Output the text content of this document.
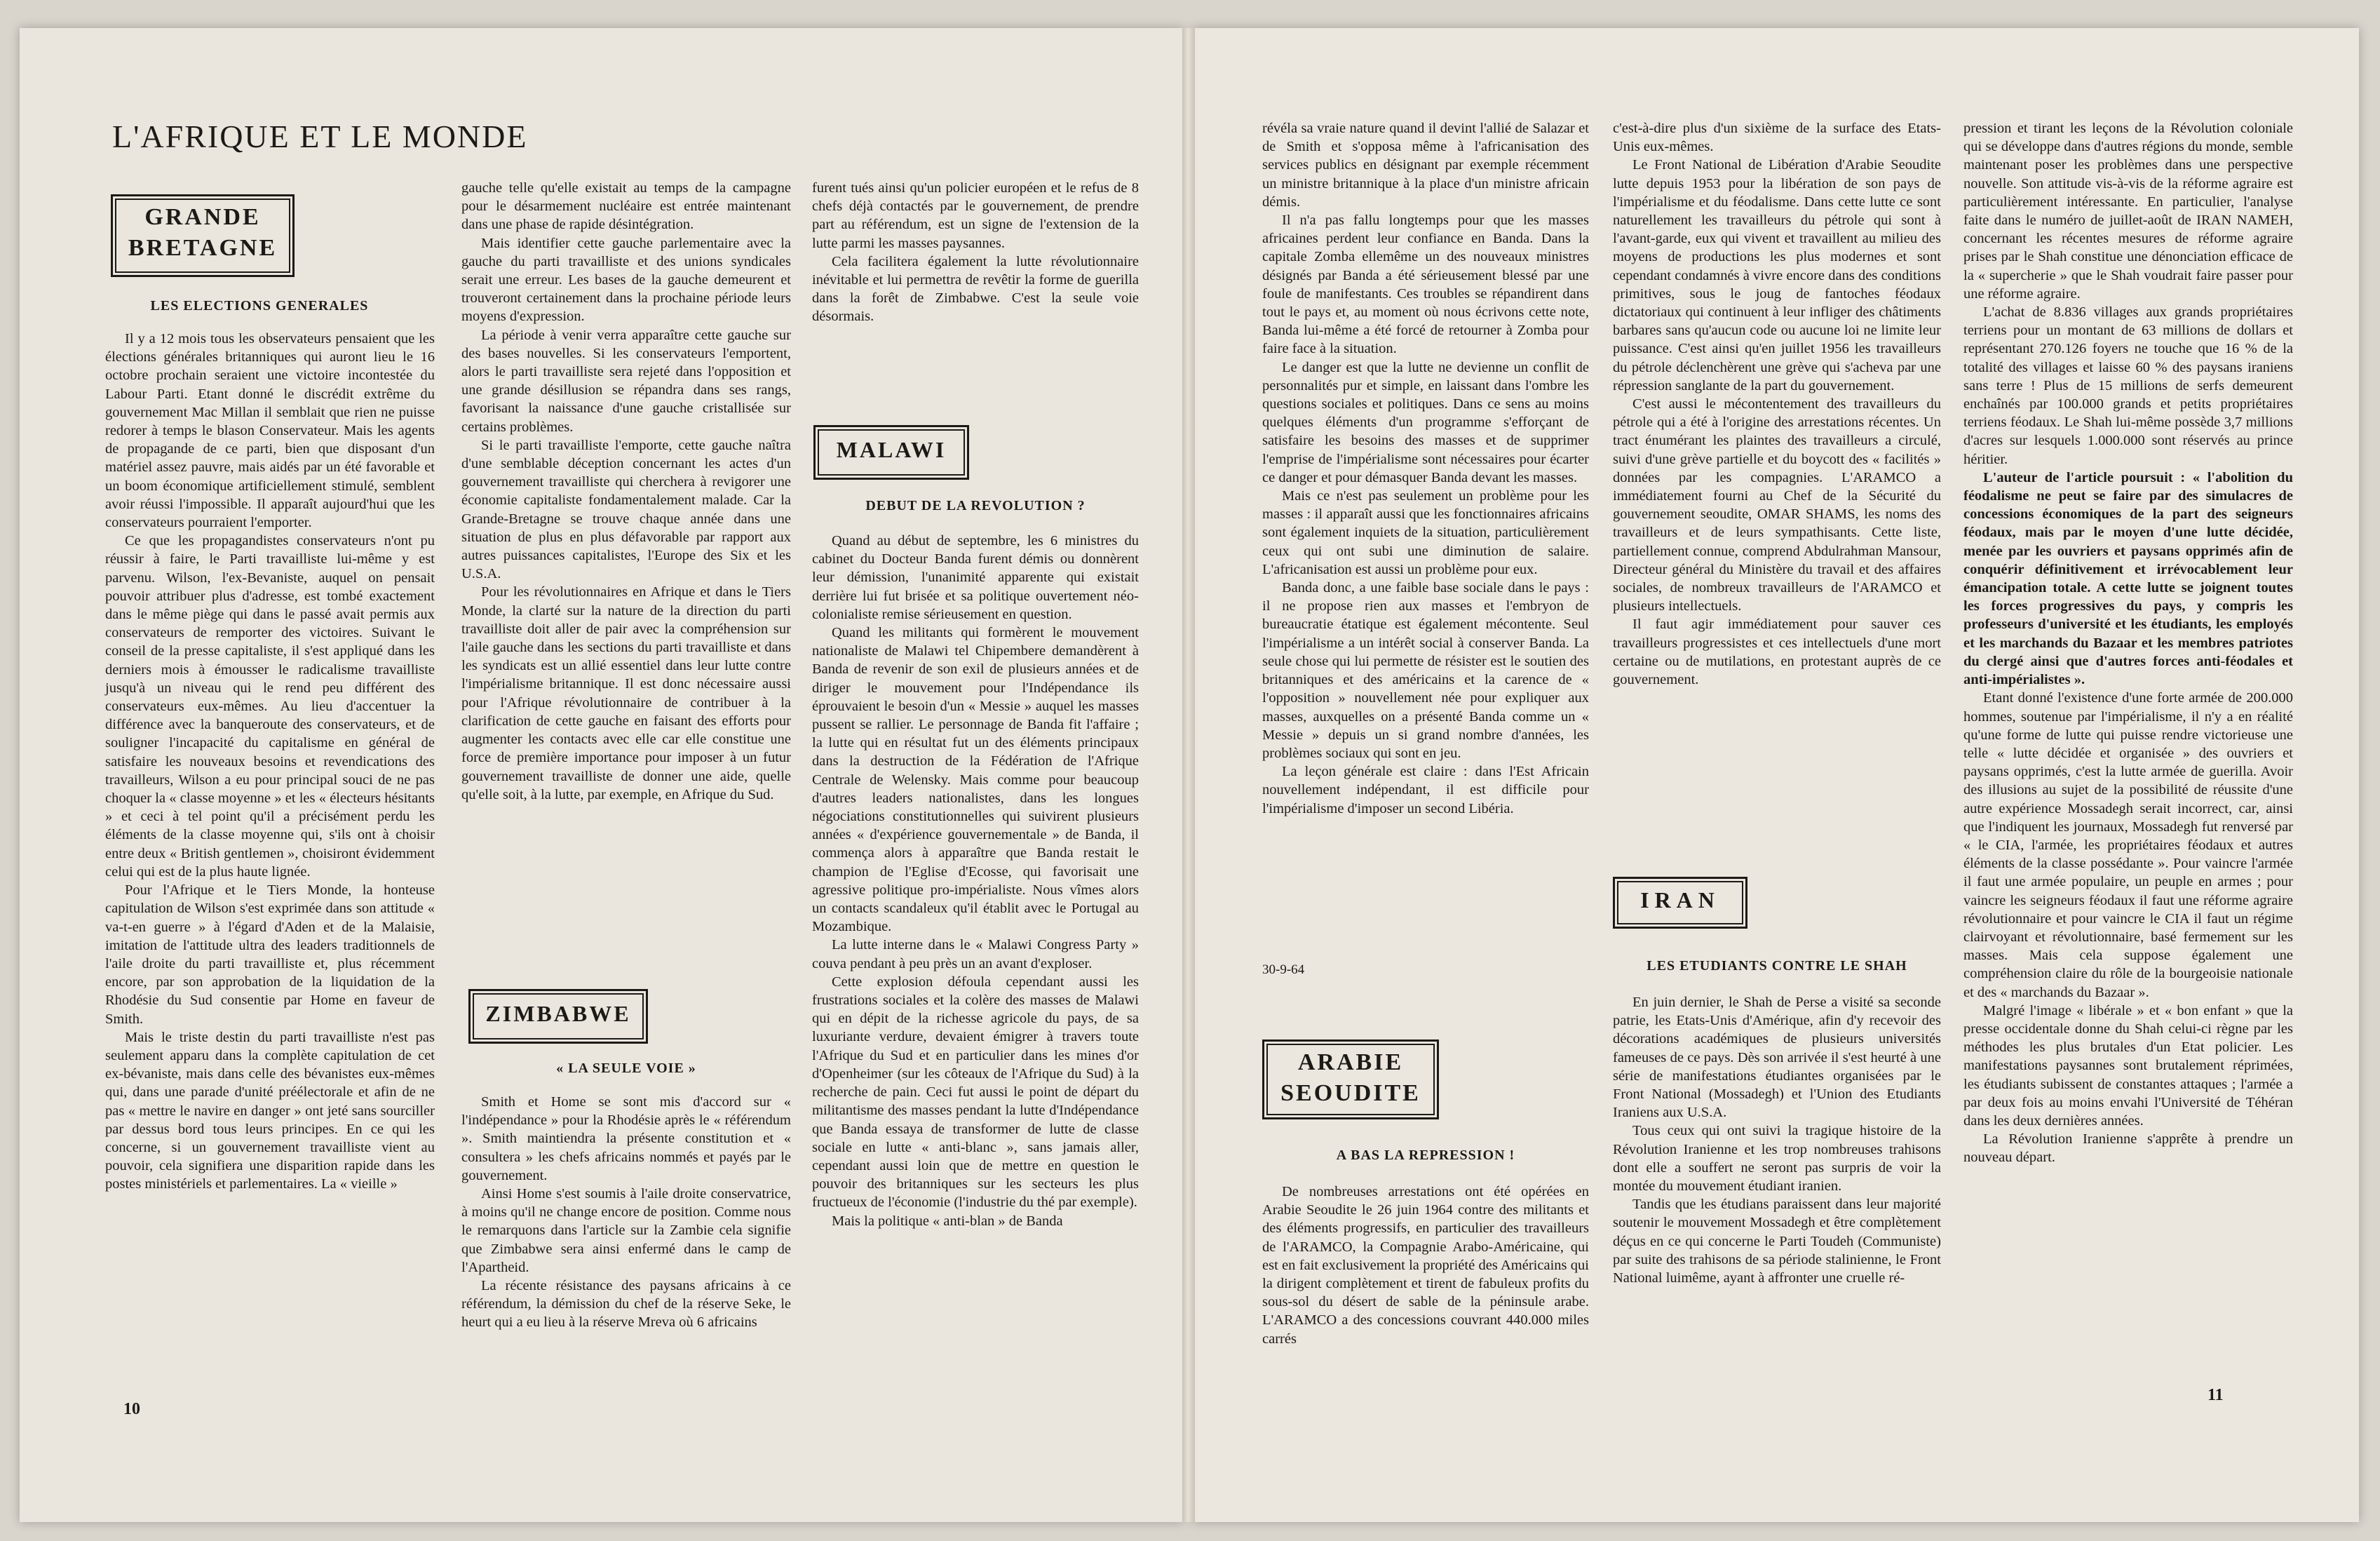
L'AFRIQUE ET LE MONDE
GRANDE BRETAGNE
LES ELECTIONS GENERALES

Il y a 12 mois tous les observateurs pensaient que les élections générales britanniques qui auront lieu le 16 octobre prochain seraient une victoire incontestée du Labour Parti. Etant donné le discrédit extrême du gouvernement Mac Millan il semblait que rien ne puisse redorer à temps le blason Conservateur. Mais les agents de propagande de ce parti, bien que disposant d'un matériel assez pauvre, mais aidés par un été favorable et un boom économique artificiellement stimulé, semblent avoir réussi l'impossible. Il apparaît aujourd'hui que les conservateurs pourraient l'emporter.

Ce que les propagandistes conservateurs n'ont pu réussir à faire, le Parti travailliste lui-même y est parvenu. Wilson, l'ex-Bevaniste, auquel on pensait pouvoir attribuer plus d'adresse, est tombé exactement dans le même piège qui dans le passé avait permis aux conservateurs de remporter des victoires. Suivant le conseil de la presse capitaliste, il s'est appliqué dans les derniers mois à émousser le radicalisme travailliste jusqu'à un niveau qui le rend peu différent des conservateurs eux-mêmes. Au lieu d'accentuer la différence avec la banqueroute des conservateurs, et de souligner l'incapacité du capitalisme en général de satisfaire les nouveaux besoins et revendications des travailleurs, Wilson a eu pour principal souci de ne pas choquer la « classe moyenne » et les « électeurs hésitants » et ceci à tel point qu'il a précisément perdu les éléments de la classe moyenne qui, s'ils ont à choisir entre deux « British gentlemen », choisiront évidemment celui qui est de la plus haute lignée.

Pour l'Afrique et le Tiers Monde, la honteuse capitulation de Wilson s'est exprimée dans son attitude « va-t-en guerre » à l'égard d'Aden et de la Malaisie, imitation de l'attitude ultra des leaders traditionnels de l'aile droite du parti travailliste et, plus récemment encore, par son approbation de la liquidation de la Rhodésie du Sud consentie par Home en faveur de Smith.

Mais le triste destin du parti travailliste n'est pas seulement apparu dans la complète capitulation de cet ex-bévaniste, mais dans celle des bévanistes eux-mêmes qui, dans une parade d'unité préélectorale et afin de ne pas « mettre le navire en danger » ont jeté sans sourciller par dessus bord tous leurs principes. En ce qui les concerne, si un gouvernement travailliste vient au pouvoir, cela signifiera une disparition rapide dans les postes ministériels et parlementaires. La « vieille »

gauche telle qu'elle existait au temps de la campagne pour le désarmement nucléaire est entrée maintenant dans une phase de rapide désintégration.

Mais identifier cette gauche parlementaire avec la gauche du parti travailliste et des unions syndicales serait une erreur. Les bases de la gauche demeurent et trouveront certainement dans la prochaine période leurs moyens d'expression.

La période à venir verra apparaître cette gauche sur des bases nouvelles. Si les conservateurs l'emportent, alors le parti travailliste sera rejeté dans l'opposition et une grande désillusion se répandra dans ses rangs, favorisant la naissance d'une gauche cristallisée sur certains problèmes.

Si le parti travailliste l'emporte, cette gauche naîtra d'une semblable déception concernant les actes d'un gouvernement travailliste qui cherchera à revigorer une économie capitaliste fondamentalement malade. Car la Grande-Bretagne se trouve chaque année dans une situation de plus en plus défavorable par rapport aux autres puissances capitalistes, l'Europe des Six et les U.S.A.

Pour les révolutionnaires en Afrique et dans le Tiers Monde, la clarté sur la nature de la direction du parti travailliste doit aller de pair avec la compréhension sur l'aile gauche dans les sections du parti travailliste et dans les syndicats est un allié essentiel dans leur lutte contre l'impérialisme britannique. Il est donc nécessaire aussi pour l'Afrique révolutionnaire de contribuer à la clarification de cette gauche en faisant des efforts pour augmenter les contacts avec elle car elle constitue une force de première importance pour imposer à un futur gouvernement travailliste de donner une aide, quelle qu'elle soit, à la lutte, par exemple, en Afrique du Sud.

ZIMBABWE
« LA SEULE VOIE »

Smith et Home se sont mis d'accord sur « l'indépendance » pour la Rhodésie après le « référendum ». Smith maintiendra la présente constitution et « consultera » les chefs africains nommés et payés par le gouvernement.

Ainsi Home s'est soumis à l'aile droite conservatrice, à moins qu'il ne change encore de position. Comme nous le remarquons dans l'article sur la Zambie cela signifie que Zimbabwe sera ainsi enfermé dans le camp de l'Apartheid.

La récente résistance des paysans africains à ce référendum, la démission du chef de la réserve Seke, le heurt qui a eu lieu à la réserve Mreva où 6 africains

furent tués ainsi qu'un policier européen et le refus de 8 chefs déjà contactés par le gouvernement, de prendre part au référendum, est un signe de l'extension de la lutte parmi les masses paysannes.

Cela facilitera également la lutte révolutionnaire inévitable et lui permettra de revêtir la forme de guerilla dans la forêt de Zimbabwe. C'est la seule voie désormais.

MALAWI
DEBUT DE LA REVOLUTION ?

Quand au début de septembre, les 6 ministres du cabinet du Docteur Banda furent démis ou donnèrent leur démission, l'unanimité apparente qui existait derrière lui fut brisée et sa politique ouvertement néo-colonialiste remise sérieusement en question.

Quand les militants qui formèrent le mouvement nationaliste de Malawi tel Chipembere demandèrent à Banda de revenir de son exil de plusieurs années et de diriger le mouvement pour l'Indépendance ils éprouvaient le besoin d'un « Messie » auquel les masses pussent se rallier. Le personnage de Banda fit l'affaire ; la lutte qui en résultat fut un des éléments principaux dans la destruction de la Fédération de l'Afrique Centrale de Welensky. Mais comme pour beaucoup d'autres leaders nationalistes, dans les longues négociations constitutionnelles qui suivirent plusieurs années « d'expérience gouvernementale » de Banda, il commença alors à apparaître que Banda restait le champion de l'Eglise d'Ecosse, qui favorisait une agressive politique pro-impérialiste. Nous vîmes alors un contacts scandaleux qu'il établit avec le Portugal au Mozambique.

La lutte interne dans le « Malawi Congress Party » couva pendant à peu près un an avant d'exploser.

Cette explosion défoula cependant aussi les frustrations sociales et la colère des masses de Malawi qui en dépit de la richesse agricole du pays, de sa luxuriante verdure, devaient émigrer à travers toute l'Afrique du Sud et en particulier dans les mines d'or d'Openheimer (sur les côteaux de l'Afrique du Sud) à la recherche de pain. Ceci fut aussi le point de départ du militantisme des masses pendant la lutte d'Indépendance que Banda essaya de transformer de lutte de classe sociale en lutte « anti-blanc », sans jamais aller, cependant aussi loin que de mettre en question le pouvoir des britanniques sur les secteurs les plus fructueux de l'économie (l'industrie du thé par exemple).

Mais la politique « anti-blan » de Banda

10

révéla sa vraie nature quand il devint l'allié de Salazar et de Smith et s'opposa même à l'africanisation des services publics en désignant par exemple récemment un ministre britannique à la place d'un ministre africain démis.

Il n'a pas fallu longtemps pour que les masses africaines perdent leur confiance en Banda. Dans la capitale Zomba ellemême un des nouveaux ministres désignés par Banda a été sérieusement blessé par une foule de manifestants. Ces troubles se répandirent dans tout le pays et, au moment où nous écrivons cette note, Banda lui-même a été forcé de retourner à Zomba pour faire face à la situation.

Le danger est que la lutte ne devienne un conflit de personnalités pur et simple, en laissant dans l'ombre les questions sociales et politiques. Dans ce sens au moins quelques éléments d'un programme s'efforçant de satisfaire les besoins des masses et de supprimer l'emprise de l'impérialisme sont nécessaires pour écarter ce danger et pour démasquer Banda devant les masses.

Mais ce n'est pas seulement un problème pour les masses : il apparaît aussi que les fonctionnaires africains sont également inquiets de la situation, particulièrement ceux qui ont subi une diminution de salaire. L'africanisation est aussi un problème pour eux.

Banda donc, a une faible base sociale dans le pays : il ne propose rien aux masses et l'embryon de bureaucratie étatique est également mécontente. Seul l'impérialisme a un intérêt social à conserver Banda. La seule chose qui lui permette de résister est le soutien des britanniques et des américains et la carence de « l'opposition » nouvellement née pour expliquer aux masses, auxquelles on a présenté Banda comme un « Messie » depuis un si grand nombre d'années, les problèmes sociaux qui sont en jeu.

La leçon générale est claire : dans l'Est Africain nouvellement indépendant, il est difficile pour l'impérialisme d'imposer un second Libéria.

30-9-64
ARABIE SEOUDITE
A BAS LA REPRESSION !

De nombreuses arrestations ont été opérées en Arabie Seoudite le 26 juin 1964 contre des militants et des éléments progressifs, en particulier des travailleurs de l'ARAMCO, la Compagnie Arabo-Américaine, qui est en fait exclusivement la propriété des Américains qui la dirigent complètement et tirent de fabuleux profits du sous-sol du désert de sable de la péninsule arabe. L'ARAMCO a des concessions couvrant 440.000 miles carrés

c'est-à-dire plus d'un sixième de la surface des Etats-Unis eux-mêmes.

Le Front National de Libération d'Arabie Seoudite lutte depuis 1953 pour la libération de son pays de l'impérialisme et du féodalisme. Dans cette lutte ce sont naturellement les travailleurs du pétrole qui sont à l'avant-garde, eux qui vivent et travaillent au milieu des moyens de productions les plus modernes et sont cependant condamnés à vivre encore dans des conditions primitives, sous le joug de fantoches féodaux dictatoriaux qui continuent à leur infliger des châtiments barbares sans qu'aucun code ou aucune loi ne limite leur puissance. C'est ainsi qu'en juillet 1956 les travailleurs du pétrole déclenchèrent une grève qui s'acheva par une répression sanglante de la part du gouvernement.

C'est aussi le mécontentement des travailleurs du pétrole qui a été à l'origine des arrestations récentes. Un tract énumérant les plaintes des travailleurs a circulé, suivi d'une grève partielle et du boycott des « facilités » données par les compagnies. L'ARAMCO a immédiatement fourni au Chef de la Sécurité du gouvernement seoudite, OMAR SHAMS, les noms des travailleurs et de leurs sympathisants. Cette liste, partiellement connue, comprend Abdulrahman Mansour, Directeur général du Ministère du travail et des affaires sociales, de nombreux travailleurs de l'ARAMCO et plusieurs intellectuels.

Il faut agir immédiatement pour sauver ces travailleurs progressistes et ces intellectuels d'une mort certaine ou de mutilations, en protestant auprès de ce gouvernement.

IRAN
LES ETUDIANTS CONTRE LE SHAH

En juin dernier, le Shah de Perse a visité sa seconde patrie, les Etats-Unis d'Amérique, afin d'y recevoir des décorations académiques de plusieurs universités fameuses de ce pays. Dès son arrivée il s'est heurté à une série de manifestations étudiantes organisées par le Front National (Mossadegh) et l'Union des Etudiants Iraniens aux U.S.A.

Tous ceux qui ont suivi la tragique histoire de la Révolution Iranienne et les trop nombreuses trahisons dont elle a souffert ne seront pas surpris de voir la montée du mouvement étudiant iranien.

Tandis que les étudians paraissent dans leur majorité soutenir le mouvement Mossadegh et être complètement déçus en ce qui concerne le Parti Toudeh (Communiste) par suite des trahisons de sa période stalinienne, le Front National luimême, ayant à affronter une cruelle ré-

pression et tirant les leçons de la Révolution coloniale qui se développe dans d'autres régions du monde, semble maintenant poser les problèmes dans une perspective nouvelle. Son attitude vis-à-vis de la réforme agraire est particulièrement intéressante. En particulier, l'analyse faite dans le numéro de juillet-août de IRAN NAMEH, concernant les récentes mesures de réforme agraire prises par le Shah constitue une dénonciation efficace de la « supercherie » que le Shah voudrait faire passer pour une réforme agraire.

L'achat de 8.836 villages aux grands propriétaires terriens pour un montant de 63 millions de dollars et représentant 270.126 foyers ne touche que 16 % de la totalité des villages et laisse 60 % des paysans iraniens sans terre ! Plus de 15 millions de serfs demeurent enchaînés par 100.000 grands et petits propriétaires terriens féodaux. Le Shah lui-même possède 3,7 millions d'acres sur lesquels 1.000.000 sont réservés au prince héritier.

L'auteur de l'article poursuit : « l'abolition du féodalisme ne peut se faire par des simulacres de concessions économiques de la part des seigneurs féodaux, mais par le moyen d'une lutte décidée, menée par les ouvriers et paysans opprimés afin de conquérir définitivement et irrévocablement leur émancipation totale. A cette lutte se joignent toutes les forces progressives du pays, y compris les professeurs d'université et les étudiants, les employés et les marchands du Bazaar et les membres patriotes du clergé ainsi que d'autres forces anti-féodales et anti-impérialistes ».

Etant donné l'existence d'une forte armée de 200.000 hommes, soutenue par l'impérialisme, il n'y a en réalité qu'une forme de lutte qui puisse rendre victorieuse une telle « lutte décidée et organisée » des ouvriers et paysans opprimés, c'est la lutte armée de guerilla. Avoir des illusions au sujet de la possibilité de réussite d'une autre expérience Mossadegh serait incorrect, car, ainsi que l'indiquent les journaux, Mossadegh fut renversé par « le CIA, l'armée, les propriétaires féodaux et autres éléments de la classe possédante ». Pour vaincre l'armée il faut une armée populaire, un peuple en armes ; pour vaincre les seigneurs féodaux il faut une réforme agraire révolutionnaire et pour vaincre le CIA il faut un régime clairvoyant et révolutionnaire, basé fermement sur les masses. Mais cela suppose également une compréhension claire du rôle de la bourgeoisie nationale et des « marchands du Bazaar ».

Malgré l'image « libérale » et « bon enfant » que la presse occidentale donne du Shah celui-ci règne par les méthodes les plus brutales d'un Etat policier. Les manifestations paysannes sont brutalement réprimées, les étudiants subissent de constantes attaques ; l'armée a par deux fois au moins envahi l'Université de Téhéran dans les deux dernières années.

La Révolution Iranienne s'apprête à prendre un nouveau départ.

11
